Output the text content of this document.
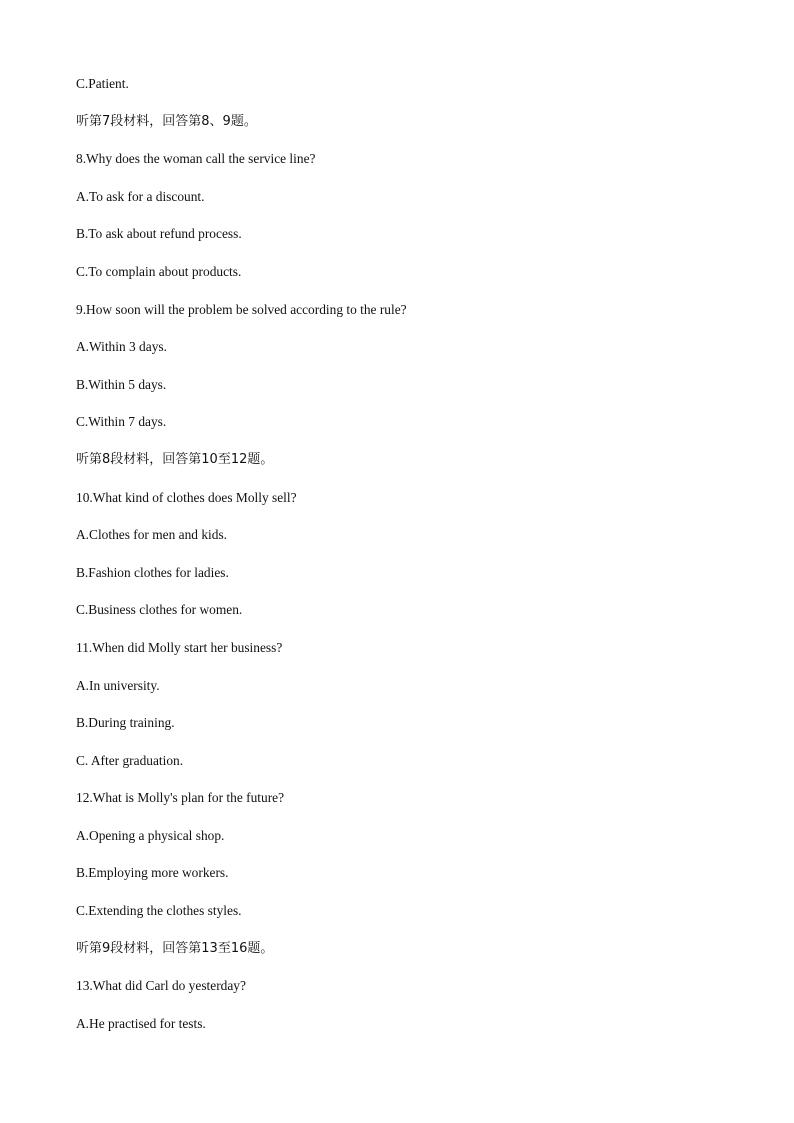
C.Patient.
听第7段材料，回答第8、9题。
8.Why does the woman call the service line?
A.To ask for a discount.
B.To ask about refund process.
C.To complain about products.
9.How soon will the problem be solved according to the rule?
A.Within 3 days.
B.Within 5 days.
C.Within 7 days.
听第8段材料，回答第10至12题。
10.What kind of clothes does Molly sell?
A.Clothes for men and kids.
B.Fashion clothes for ladies.
C.Business clothes for women.
11.When did Molly start her business?
A.In university.
B.During training.
C. After graduation.
12.What is Molly's plan for the future?
A.Opening a physical shop.
B.Employing more workers.
C.Extending the clothes styles.
听第9段材料，回答第13至16题。
13.What did Carl do yesterday?
A.He practised for tests.
